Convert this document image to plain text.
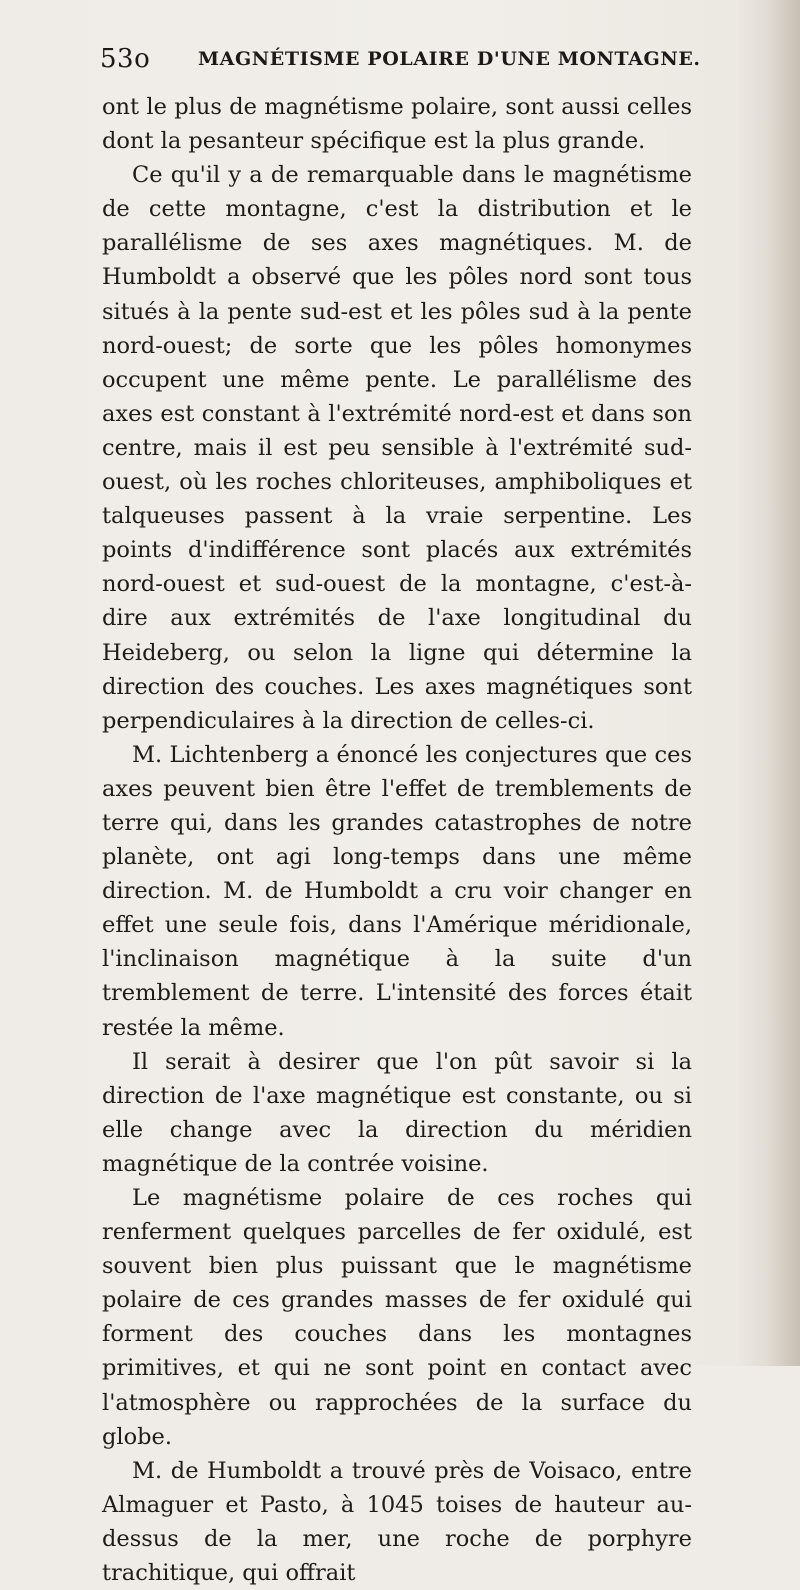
53o	MAGNÉTISME POLAIRE D'UNE MONTAGNE.

ont le plus de magnétisme polaire, sont aussi celles dont la pesanteur spécifique est la plus grande.

Ce qu'il y a de remarquable dans le magnétisme de cette montagne, c'est la distribution et le parallélisme de ses axes magnétiques. M. de Humboldt a observé que les pôles nord sont tous situés à la pente sud-est et les pôles sud à la pente nord-ouest; de sorte que les pôles homonymes occupent une même pente. Le parallélisme des axes est constant à l'extrémité nord-est et dans son centre, mais il est peu sensible à l'extrémité sud-ouest, où les roches chloriteuses, amphiboliques et talqueuses passent à la vraie serpentine. Les points d'indifférence sont placés aux extrémités nord-ouest et sud-ouest de la montagne, c'est-à-dire aux extrémités de l'axe longitudinal du Heideberg, ou selon la ligne qui détermine la direction des couches. Les axes magnétiques sont perpendiculaires à la direction de celles-ci.

M. Lichtenberg a énoncé les conjectures que ces axes peuvent bien être l'effet de tremblements de terre qui, dans les grandes catastrophes de notre planète, ont agi long-temps dans une même direction. M. de Humboldt a cru voir changer en effet une seule fois, dans l'Amérique méridionale, l'inclinaison magnétique à la suite d'un tremblement de terre. L'intensité des forces était restée la même.

Il serait à desirer que l'on pût savoir si la direction de l'axe magnétique est constante, ou si elle change avec la direction du méridien magnétique de la contrée voisine.

Le magnétisme polaire de ces roches qui renferment quelques parcelles de fer oxidulé, est souvent bien plus puissant que le magnétisme polaire de ces grandes masses de fer oxidulé qui forment des couches dans les montagnes primitives, et qui ne sont point en contact avec l'atmosphère ou rapprochées de la surface du globe.

M. de Humboldt a trouvé près de Voisaco, entre Almaguer et Pasto, à 1045 toises de hauteur au-dessus de la mer, une roche de porphyre trachitique, qui offrait
